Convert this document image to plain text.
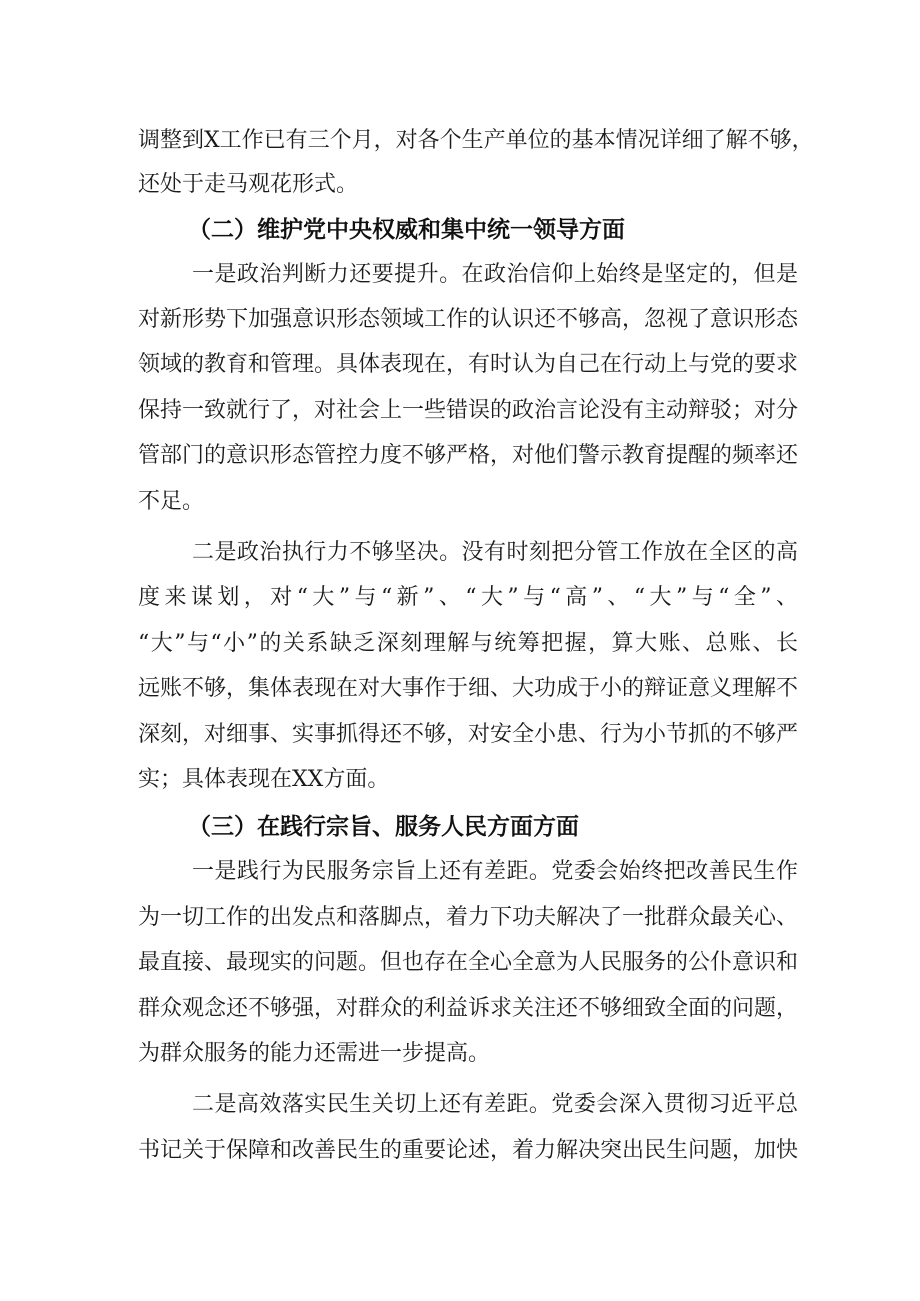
调整到X工作已有三个月，对各个生产单位的基本情况详细了解不够，
还处于走马观花形式。
（二）维护党中央权威和集中统一领导方面
一是政治判断力还要提升。在政治信仰上始终是坚定的，但是
对新形势下加强意识形态领域工作的认识还不够高，忽视了意识形态
领域的教育和管理。具体表现在，有时认为自己在行动上与党的要求
保持一致就行了，对社会上一些错误的政治言论没有主动辩驳；对分
管部门的意识形态管控力度不够严格，对他们警示教育提醒的频率还
不足。
二是政治执行力不够坚决。没有时刻把分管工作放在全区的高
度来谋划，对“大”与“新”、“大”与“高”、“大”与“全”、
“大”与“小”的关系缺乏深刻理解与统筹把握，算大账、总账、长
远账不够，集体表现在对大事作于细、大功成于小的辩证意义理解不
深刻，对细事、实事抓得还不够，对安全小患、行为小节抓的不够严
实；具体表现在XX方面。
（三）在践行宗旨、服务人民方面方面
一是践行为民服务宗旨上还有差距。党委会始终把改善民生作
为一切工作的出发点和落脚点，着力下功夫解决了一批群众最关心、
最直接、最现实的问题。但也存在全心全意为人民服务的公仆意识和
群众观念还不够强，对群众的利益诉求关注还不够细致全面的问题，
为群众服务的能力还需进一步提高。
二是高效落实民生关切上还有差距。党委会深入贯彻习近平总
书记关于保障和改善民生的重要论述，着力解决突出民生问题，加快
